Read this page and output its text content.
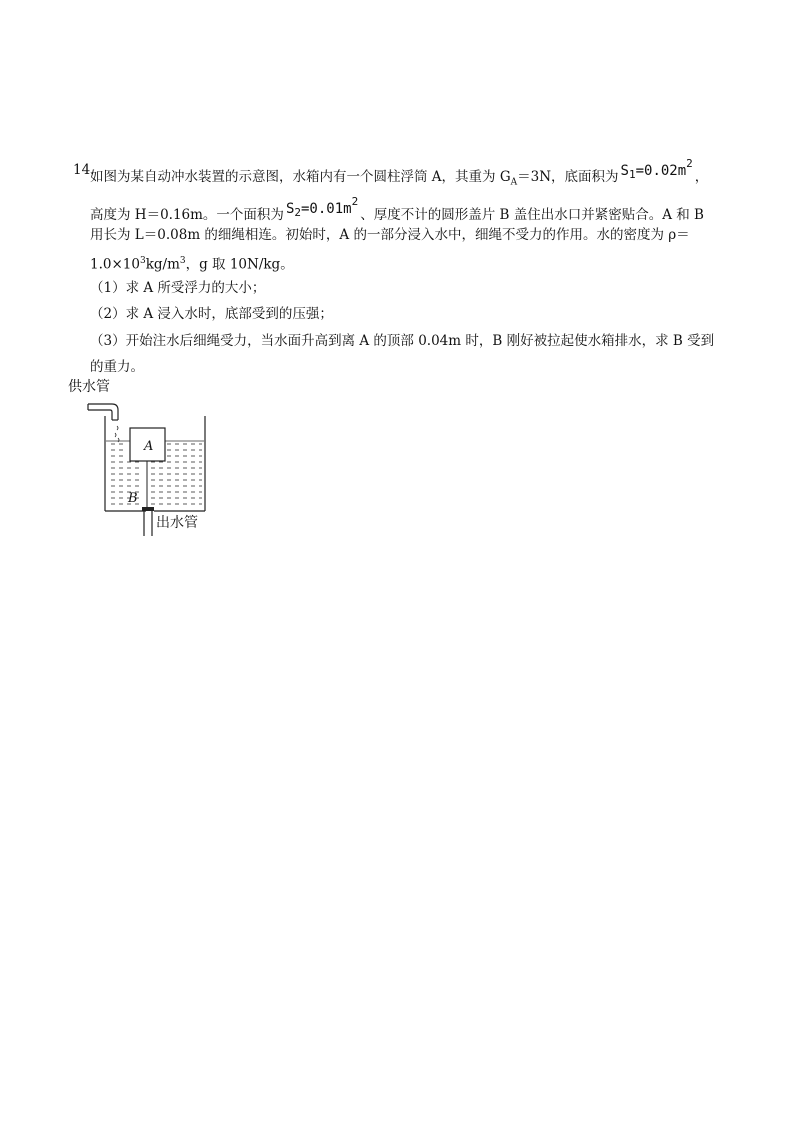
14．
如图为某自动冲水装置的示意图，水箱内有一个圆柱浮筒 A，其重为 $G_A=3N$，底面积为 $S_1=0.02m^2$，
高度为 H＝0.16m。一个面积为 $S_2=0.01m^2$、厚度不计的圆形盖片 B 盖住出水口并紧密贴合。A 和 B
用长为 L＝0.08m 的细绳相连。初始时，A 的一部分浸入水中，细绳不受力的作用。水的密度为 ρ＝
$1.0\times 10^3kg/m^3$，g 取 10N/kg。
（1）求 A 所受浮力的大小；
（2）求 A 浸入水时，底部受到的压强；
（3）开始注水后细绳受力，当水面升高到离 A 的顶部 0.04m 时，B 刚好被拉起使水箱排水，求 B 受到
的重力。
供水管
出水管
A
B
